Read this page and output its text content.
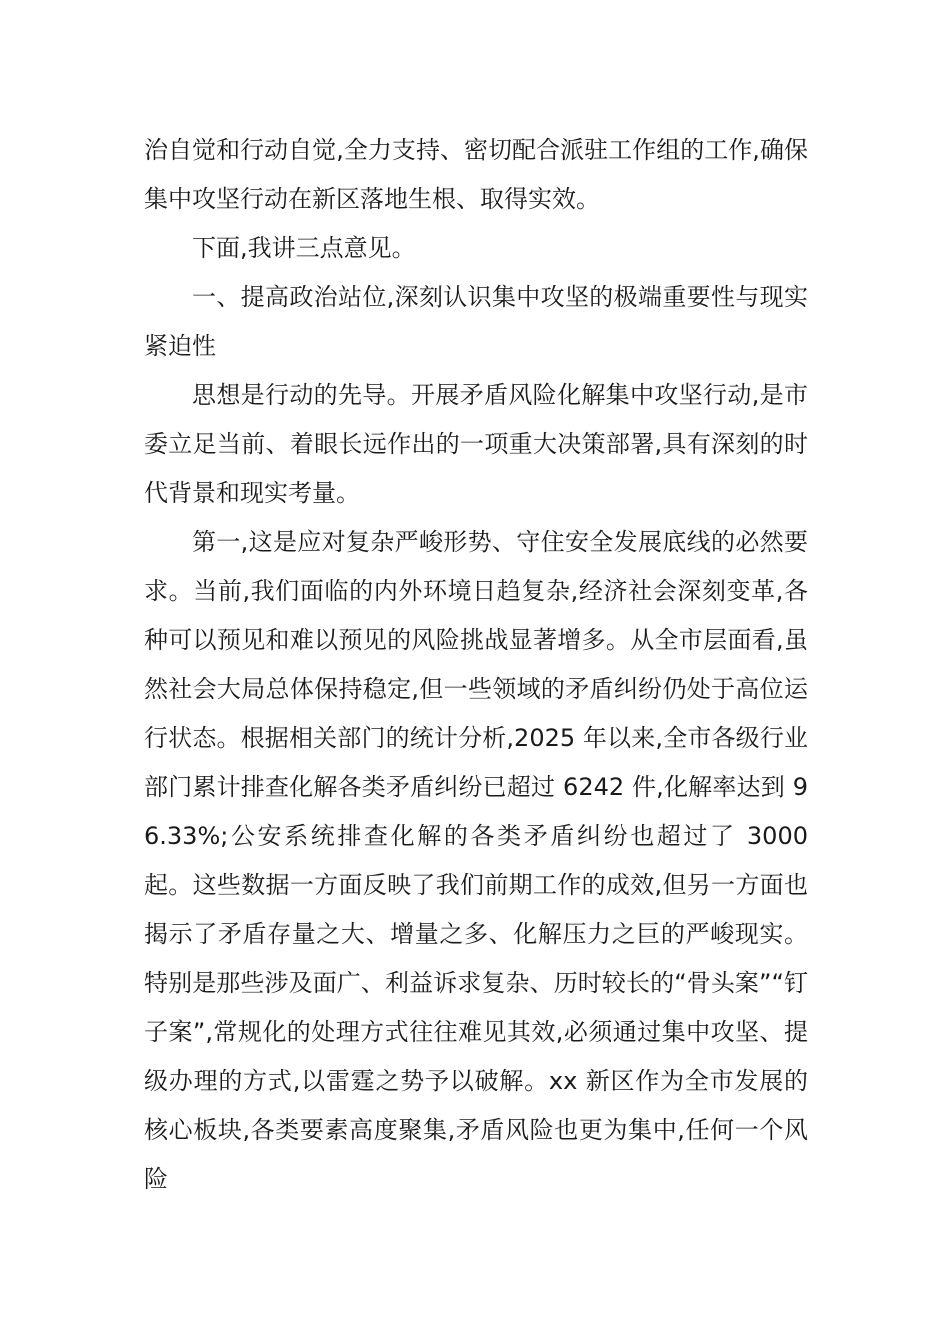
治自觉和行动自觉,全力支持、密切配合派驻工作组的工作,确保集中攻坚行动在新区落地生根、取得实效。

下面,我讲三点意见。

一、提高政治站位,深刻认识集中攻坚的极端重要性与现实紧迫性

思想是行动的先导。开展矛盾风险化解集中攻坚行动,是市委立足当前、着眼长远作出的一项重大决策部署,具有深刻的时代背景和现实考量。

第一,这是应对复杂严峻形势、守住安全发展底线的必然要求。当前,我们面临的内外环境日趋复杂,经济社会深刻变革,各种可以预见和难以预见的风险挑战显著增多。从全市层面看,虽然社会大局总体保持稳定,但一些领域的矛盾纠纷仍处于高位运行状态。根据相关部门的统计分析,2025 年以来,全市各级行业部门累计排查化解各类矛盾纠纷已超过 6242 件,化解率达到 96.33%;公安系统排查化解的各类矛盾纠纷也超过了 3000 起。这些数据一方面反映了我们前期工作的成效,但另一方面也揭示了矛盾存量之大、增量之多、化解压力之巨的严峻现实。特别是那些涉及面广、利益诉求复杂、历时较长的“骨头案”“钉子案”,常规化的处理方式往往难见其效,必须通过集中攻坚、提级办理的方式,以雷霆之势予以破解。xx 新区作为全市发展的核心板块,各类要素高度聚集,矛盾风险也更为集中,任何一个风险
